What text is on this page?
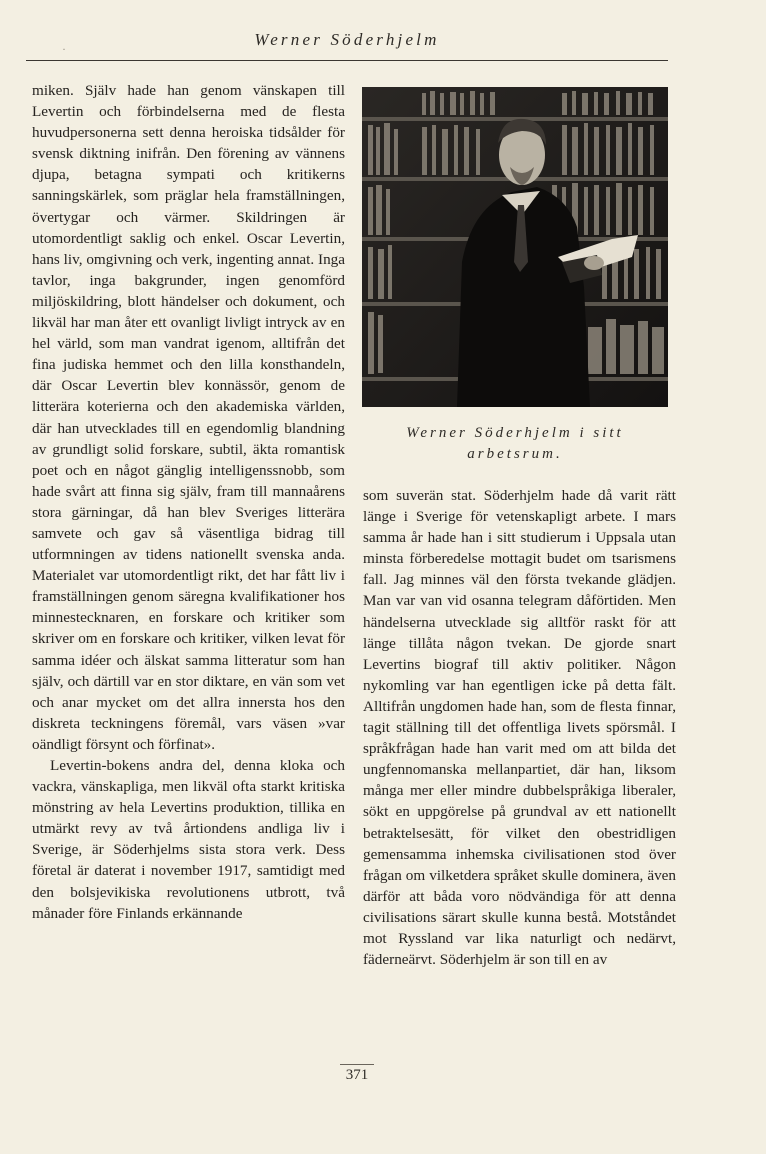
·	Werner Söderhjelm

miken. Själv hade han genom vänskapen till Levertin och förbindelserna med de flesta huvudpersonerna sett denna heroiska tidsålder för svensk diktning inifrån. Den förening av vännens djupa, betagna sympati och kritikerns sanningskärlek, som präglar hela framställningen, övertygar och värmer. Skildringen är utomordentligt saklig och enkel. Oscar Levertin, hans liv, omgivning och verk, ingenting annat. Inga tavlor, inga bakgrunder, ingen genomförd miljöskildring, blott händelser och dokument, och likväl har man åter ett ovanligt livligt intryck av en hel värld, som man vandrat igenom, alltifrån det fina judiska hemmet och den lilla konsthandeln, där Oscar Levertin blev konnässör, genom de litterära koterierna och den akademiska världen, där han utvecklades till en egendomlig blandning av grundligt solid forskare, subtil, äkta romantisk poet och en något gänglig intelligenssnobb, som hade svårt att finna sig själv, fram till mannaårens stora gärningar, då han blev Sveriges litterära samvete och gav så väsentliga bidrag till utformningen av tidens nationellt svenska anda. Materialet var utomordentligt rikt, det har fått liv i framställningen genom säregna kvalifikationer hos minnestecknaren, en forskare och kritiker som skriver om en forskare och kritiker, vilken levat för samma idéer och älskat samma litteratur som han själv, och därtill var en stor diktare, en vän som vet och anar mycket om det allra innersta hos den diskreta teckningens föremål, vars väsen »var oändligt försynt och förfinat».

Levertin-bokens andra del, denna kloka och vackra, vänskapliga, men likväl ofta starkt kritiska mönstring av hela Levertins produktion, tillika en utmärkt revy av två årtiondens andliga liv i Sverige, är Söderhjelms sista stora verk. Dess företal är daterat i november 1917, samtidigt med den bolsjevikiska revolutionens utbrott, två månader före Finlands erkännande

Werner Söderhjelm i sitt arbetsrum.

som suverän stat. Söderhjelm hade då varit rätt länge i Sverige för vetenskapligt arbete. I mars samma år hade han i sitt studierum i Uppsala utan minsta förberedelse mottagit budet om tsarismens fall. Jag minnes väl den första tvekande glädjen. Man var van vid osanna telegram dåförtiden. Men händelserna utvecklade sig alltför raskt för att länge tillåta någon tvekan. De gjorde snart Levertins biograf till aktiv politiker. Någon nykomling var han egentligen icke på detta fält. Alltifrån ungdomen hade han, som de flesta finnar, tagit ställning till det offentliga livets spörsmål. I språkfrågan hade han varit med om att bilda det ungfennomanska mellanpartiet, där han, liksom många mer eller mindre dubbelspråkiga liberaler, sökt en uppgörelse på grundval av ett nationellt betraktelsesätt, för vilket den obestridligen gemensamma inhemska civilisationen stod över frågan om vilketdera språket skulle dominera, även därför att båda voro nödvändiga för att denna civilisations särart skulle kunna bestå. Motståndet mot Ryssland var lika naturligt och nedärvt, fäderneärvt. Söderhjelm är son till en av

371
